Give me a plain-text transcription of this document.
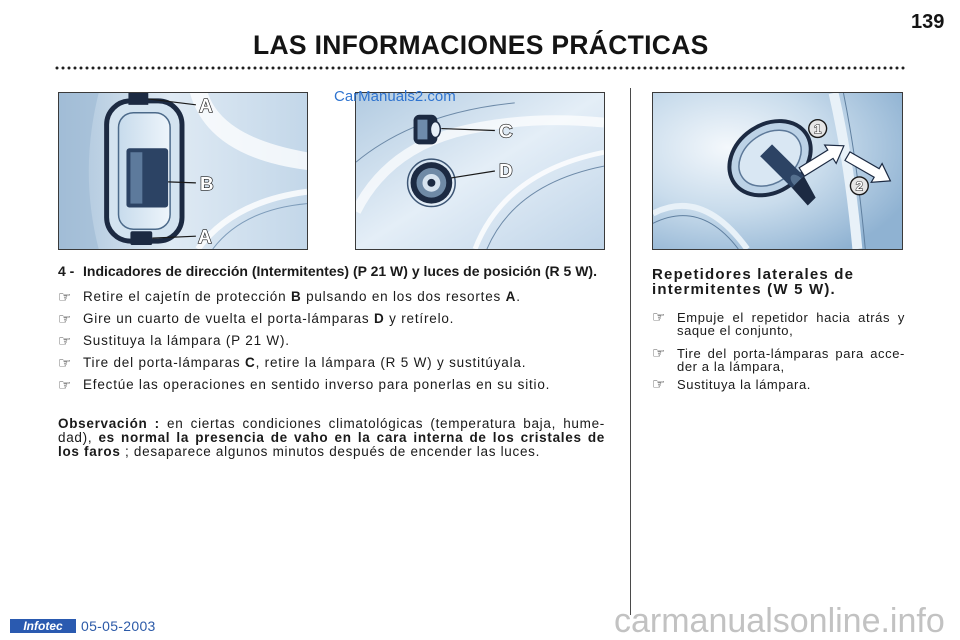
LAS INFORMACIONES PRÁCTICAS
139
A
B
A
C
D
1
2
CarManuals2.com
4 - Indicadores de dirección (Intermitentes) (P 21 W) y luces de posición (R 5 W).
☞
Retire el cajetín de protección B pulsando en los dos resortes A.
☞
Gire un cuarto de vuelta el porta-lámparas D y retírelo.
☞
Sustituya la lámpara (P 21 W).
☞
Tire del porta-lámparas C, retire la lámpara (R 5 W) y sustitúyala.
☞
Efectúe las operaciones en sentido inverso para ponerlas en su sitio.
Observación : en ciertas condiciones climatológicas (temperatura baja, hume-
dad), es normal la presencia de vaho en la cara interna de los cristales de
los faros ; desaparece algunos minutos después de encender las luces.
Repetidores laterales de
intermitentes (W 5 W).
☞
Empuje el repetidor hacia atrás y
saque el conjunto,
☞
Tire del porta-lámparas para acce-
der a la lámpara,
☞
Sustituya la lámpara.
Infotec	05-05-2003	carmanualsonline.info
